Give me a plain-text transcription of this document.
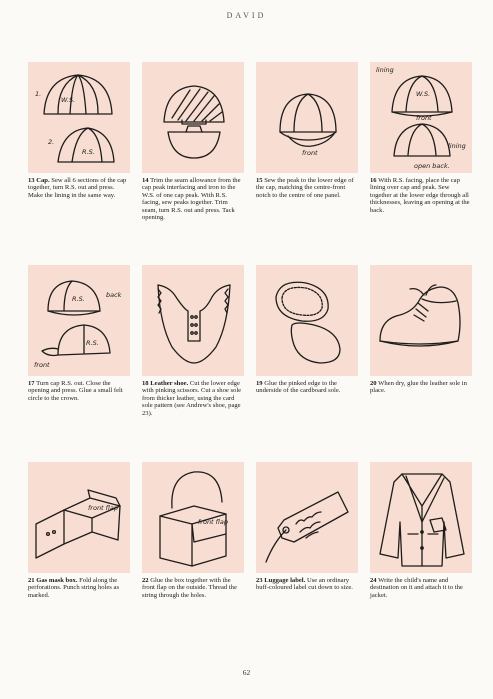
DAVID
1.
W.S.
2.
R.S.
13 Cap. Sew all 6 sections of the cap together, turn R.S. out and press. Make the lining in the same way.
14 Trim the seam allowance from the cap peak interfacing and iron to the W.S. of one cap peak. With R.S. facing, sew peaks together. Trim seam, turn R.S. out and press. Tack opening.
front
15 Sew the peak to the lower edge of the cap, matching the centre-front notch to the centre of one panel.
lining
W.S.
front
lining
open back.
16 With R.S. facing, place the cap lining over cap and peak. Sew together at the lower edge through all thicknesses, leaving an opening at the back.
R.S.	back
R.S.
front
17 Turn cap R.S. out. Close the opening and press. Glue a small felt circle to the crown.
18 Leather shoe. Cut the lower edge with pinking scissors. Cut a shoe sole from thicker leather, using the card sole pattern (see Andrew's shoe, page 23).
19 Glue the pinked edge to the underside of the cardboard sole.
20 When dry, glue the leather sole in place.
front flap
21 Gas mask box. Fold along the perforations. Punch string holes as marked.
front flap
22 Glue the box together with the front flap on the outside. Thread the string through the holes.
23 Luggage label. Use an ordinary buff-coloured label cut down to size.
24 Write the child's name and destination on it and attach it to the jacket.
62
